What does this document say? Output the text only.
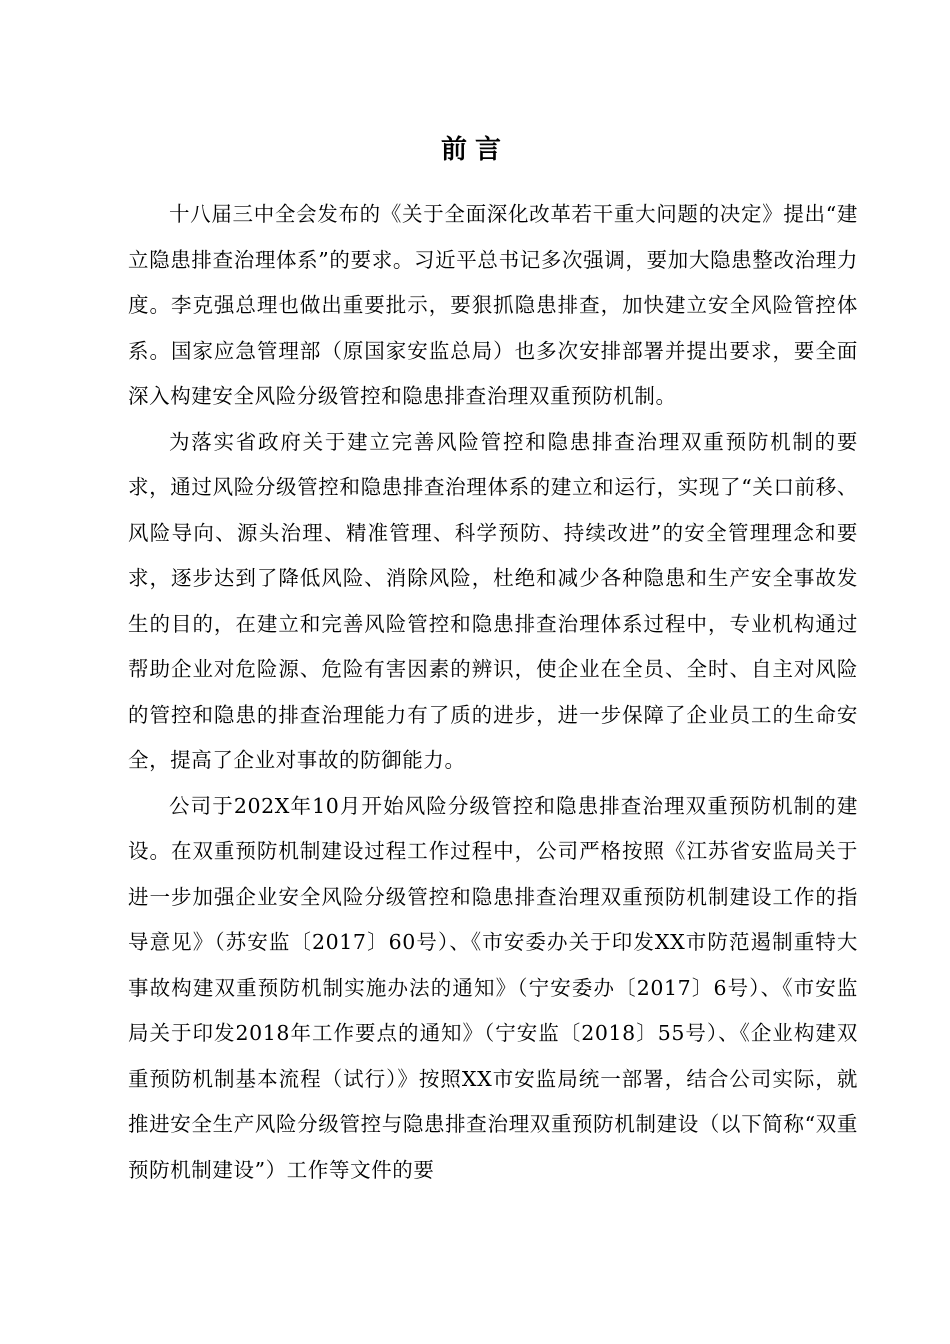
前言

十八届三中全会发布的《关于全面深化改革若干重大问题的决定》提出“建立隐患排查治理体系”的要求。习近平总书记多次强调，要加大隐患整改治理力度。李克强总理也做出重要批示，要狠抓隐患排查，加快建立安全风险管控体系。国家应急管理部（原国家安监总局）也多次安排部署并提出要求，要全面深入构建安全风险分级管控和隐患排查治理双重预防机制。

为落实省政府关于建立完善风险管控和隐患排查治理双重预防机制的要求，通过风险分级管控和隐患排查治理体系的建立和运行，实现了“关口前移、风险导向、源头治理、精准管理、科学预防、持续改进”的安全管理理念和要求，逐步达到了降低风险、消除风险，杜绝和减少各种隐患和生产安全事故发生的目的，在建立和完善风险管控和隐患排查治理体系过程中，专业机构通过帮助企业对危险源、危险有害因素的辨识，使企业在全员、全时、自主对风险的管控和隐患的排查治理能力有了质的进步，进一步保障了企业员工的生命安全，提高了企业对事故的防御能力。

公司于202X年10月开始风险分级管控和隐患排查治理双重预防机制的建设。在双重预防机制建设过程工作过程中，公司严格按照《江苏省安监局关于进一步加强企业安全风险分级管控和隐患排查治理双重预防机制建设工作的指导意见》（苏安监〔2017〕60号）、《市安委办关于印发XX市防范遏制重特大事故构建双重预防机制实施办法的通知》（宁安委办〔2017〕6号）、《市安监局关于印发2018年工作要点的通知》（宁安监〔2018〕55号）、《企业构建双重预防机制基本流程（试行）》按照XX市安监局统一部署，结合公司实际，就推进安全生产风险分级管控与隐患排查治理双重预防机制建设（以下简称“双重预防机制建设”）工作等文件的要
